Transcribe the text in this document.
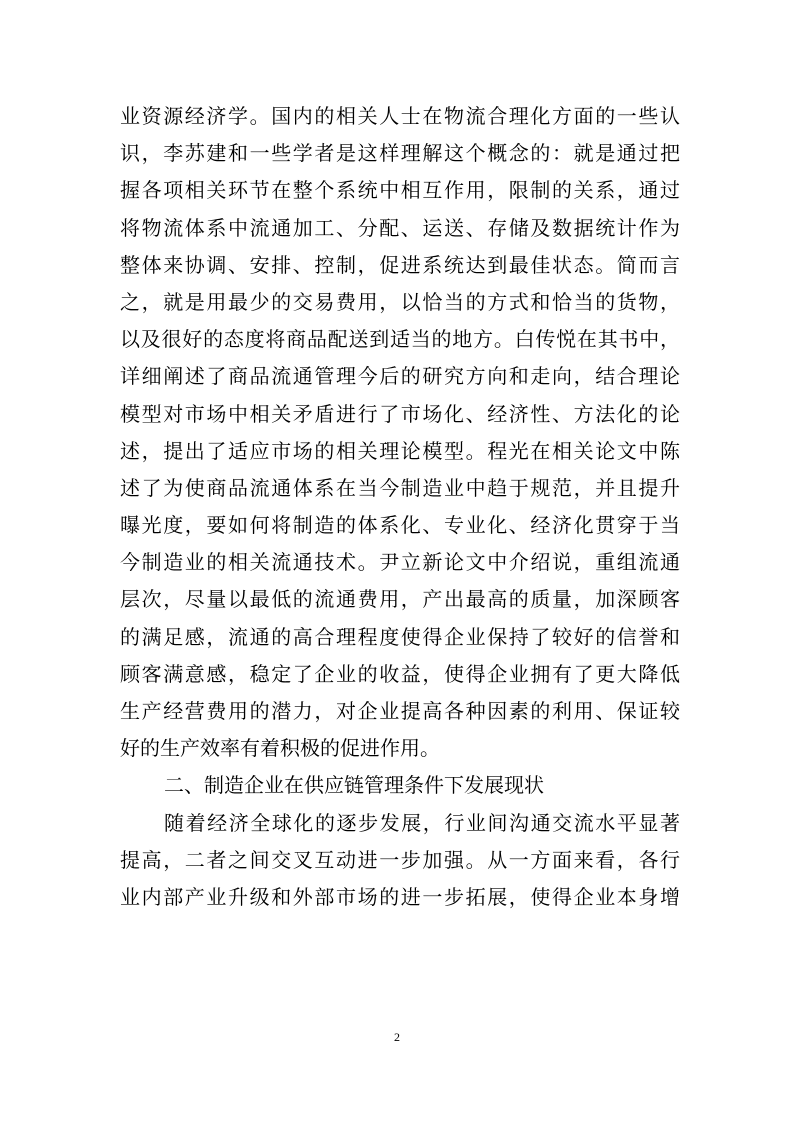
业资源经济学。国内的相关人士在物流合理化方面的一些认
识，李苏建和一些学者是这样理解这个概念的：就是通过把
握各项相关环节在整个系统中相互作用，限制的关系，通过
将物流体系中流通加工、分配、运送、存储及数据统计作为
整体来协调、安排、控制，促进系统达到最佳状态。简而言
之，就是用最少的交易费用，以恰当的方式和恰当的货物，
以及很好的态度将商品配送到适当的地方。白传悦在其书中，
详细阐述了商品流通管理今后的研究方向和走向，结合理论
模型对市场中相关矛盾进行了市场化、经济性、方法化的论
述，提出了适应市场的相关理论模型。程光在相关论文中陈
述了为使商品流通体系在当今制造业中趋于规范，并且提升
曝光度，要如何将制造的体系化、专业化、经济化贯穿于当
今制造业的相关流通技术。尹立新论文中介绍说，重组流通
层次，尽量以最低的流通费用，产出最高的质量，加深顾客
的满足感，流通的高合理程度使得企业保持了较好的信誉和
顾客满意感，稳定了企业的收益，使得企业拥有了更大降低
生产经营费用的潜力，对企业提高各种因素的利用、保证较
好的生产效率有着积极的促进作用。
二、制造企业在供应链管理条件下发展现状
随着经济全球化的逐步发展，行业间沟通交流水平显著
提高，二者之间交叉互动进一步加强。从一方面来看，各行
业内部产业升级和外部市场的进一步拓展，使得企业本身增
2
